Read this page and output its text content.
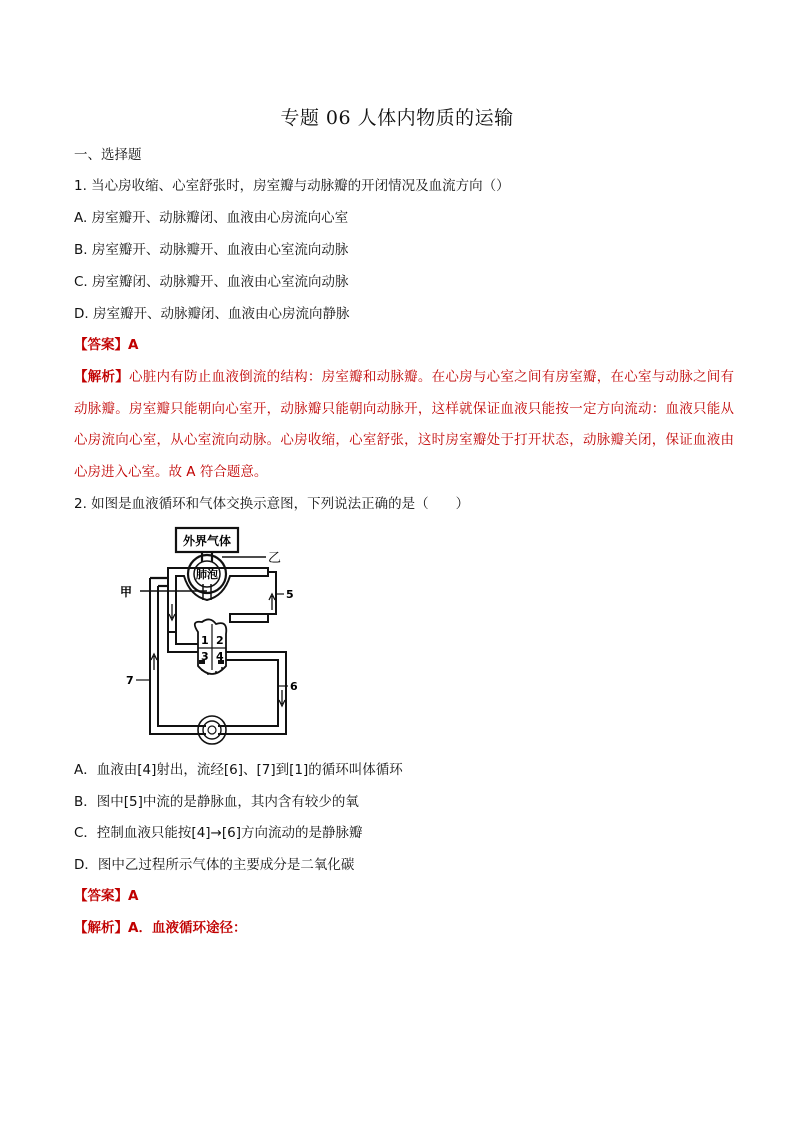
专题 06 人体内物质的运输
一、选择题
1. 当心房收缩、心室舒张时，房室瓣与动脉瓣的开闭情况及血流方向（）
A. 房室瓣开、动脉瓣闭、血液由心房流向心室
B. 房室瓣开、动脉瓣开、血液由心室流向动脉
C. 房室瓣闭、动脉瓣开、血液由心室流向动脉
D. 房室瓣开、动脉瓣闭、血液由心房流向静脉
【答案】A
【解析】心脏内有防止血液倒流的结构：房室瓣和动脉瓣。在心房与心室之间有房室瓣，在心室与动脉之间有动脉瓣。房室瓣只能朝向心室开，动脉瓣只能朝向动脉开，这样就保证血液只能按一定方向流动：血液只能从心房流向心室，从心室流向动脉。心房收缩，心室舒张，这时房室瓣处于打开状态，动脉瓣关闭，保证血液由心房进入心室。故 A 符合题意。
2. 如图是血液循环和气体交换示意图，下列说法正确的是（　　）
外界气体
肺泡
乙
甲
1 2
3 4
5
6
7
A．血液由[4]射出，流经[6]、[7]到[1]的循环叫体循环
B．图中[5]中流的是静脉血，其内含有较少的氧
C．控制血液只能按[4]→[6]方向流动的是静脉瓣
D．图中乙过程所示气体的主要成分是二氧化碳
【答案】A
【解析】A．血液循环途径：
